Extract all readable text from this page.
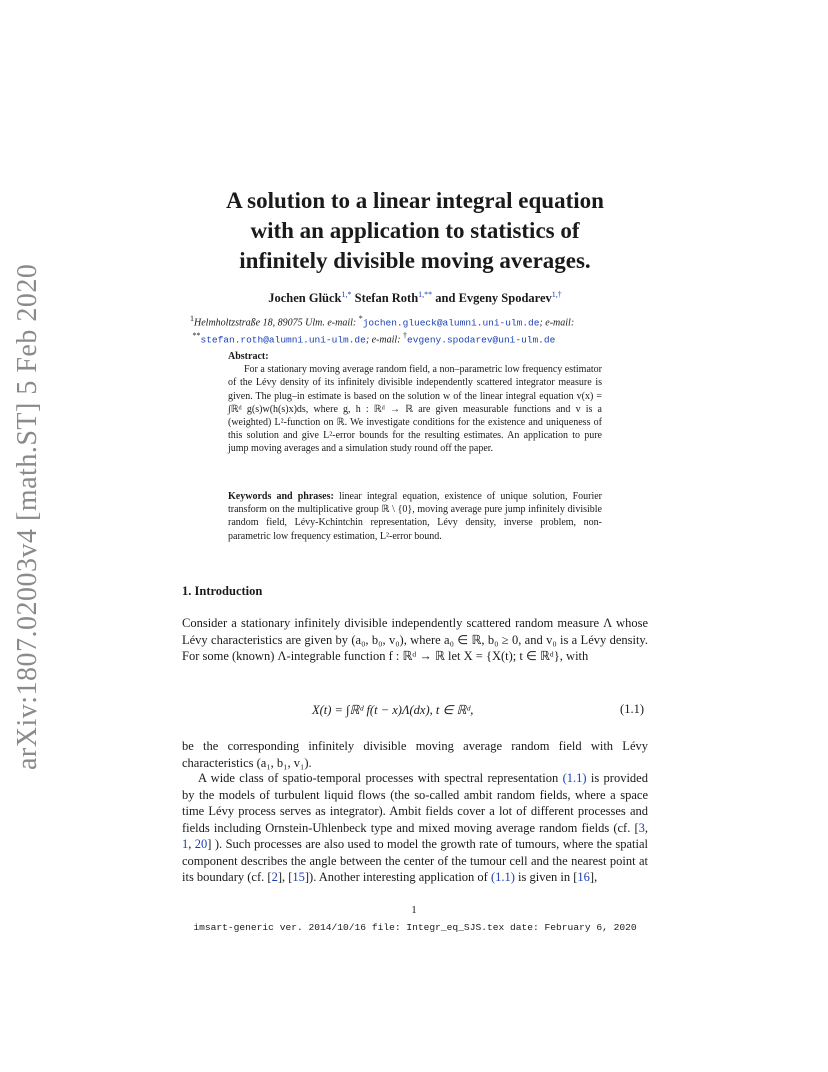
arXiv:1807.02003v4 [math.ST] 5 Feb 2020
A solution to a linear integral equation
with an application to statistics of
infinitely divisible moving averages.
Jochen Glück$^{1,*}$ Stefan Roth$^{1,**}$ and Evgeny Spodarev$^{1,\dagger}$
$^1$Helmholtzstraße 18, 89075 Ulm. e-mail: *jochen.glueck@alumni.uni-ulm.de; e-mail:
**stefan.roth@alumni.uni-ulm.de; e-mail: †evgeny.spodarev@uni-ulm.de
Abstract:
For a stationary moving average random field, a non–parametric low frequency estimator of the Lévy density of its infinitely divisible independently scattered integrator measure is given. The plug–in estimate is based on the solution w of the linear integral equation v(x) = ∫ℝᵈ g(s)w(h(s)x)ds, where g, h : ℝᵈ → ℝ are given measurable functions and v is a (weighted) L²-function on ℝ. We investigate conditions for the existence and uniqueness of this solution and give L²-error bounds for the resulting estimates. An application to pure jump moving averages and a simulation study round off the paper.
Keywords and phrases: linear integral equation, existence of unique solution, Fourier transform on the multiplicative group ℝ \ {0}, moving average pure jump infinitely divisible random field, Lévy-Kchintchin representation, Lévy density, inverse problem, non-parametric low frequency estimation, L²-error bound.
1. Introduction
Consider a stationary infinitely divisible independently scattered random measure Λ whose Lévy characteristics are given by (a₀, b₀, v₀), where a₀ ∈ ℝ, b₀ ≥ 0, and v₀ is a Lévy density. For some (known) Λ-integrable function f : ℝᵈ → ℝ let X = {X(t); t ∈ ℝᵈ}, with
X(t) = ∫ℝᵈ f(t − x)Λ(dx), t ∈ ℝᵈ,	(1.1)
be the corresponding infinitely divisible moving average random field with Lévy characteristics (a₁, b₁, v₁).
A wide class of spatio-temporal processes with spectral representation (1.1) is provided by the models of turbulent liquid flows (the so-called ambit random fields, where a space time Lévy process serves as integrator). Ambit fields cover a lot of different processes and fields including Ornstein-Uhlenbeck type and mixed moving average random fields (cf. [3, 1, 20] ). Such processes are also used to model the growth rate of tumours, where the spatial component describes the angle between the center of the tumour cell and the nearest point at its boundary (cf. [2], [15]). Another interesting application of (1.1) is given in [16],
1
imsart-generic ver. 2014/10/16 file: Integr_eq_SJS.tex date: February 6, 2020
